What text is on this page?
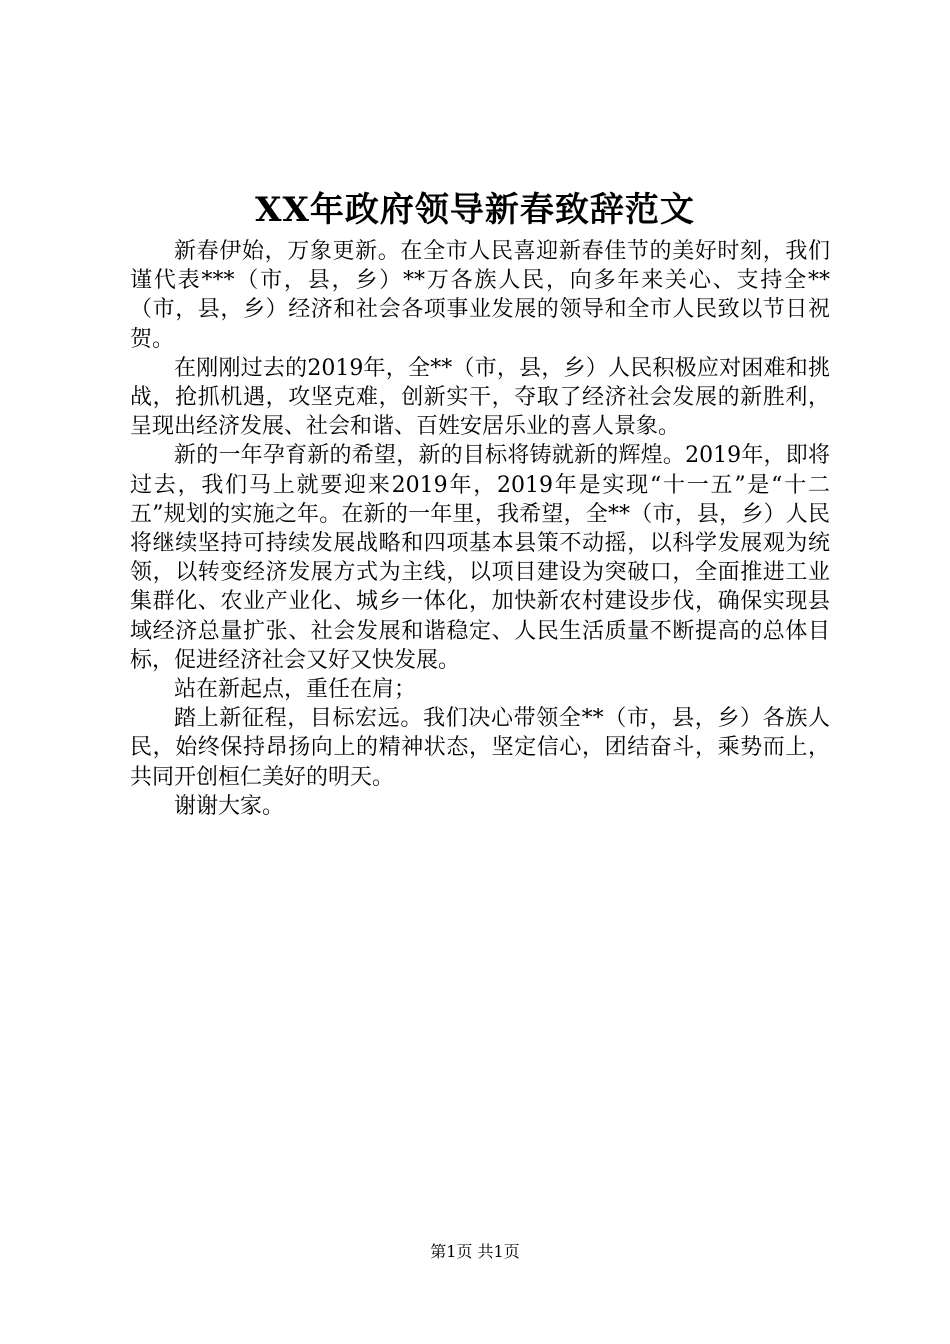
XX年政府领导新春致辞范文

新春伊始，万象更新。在全市人民喜迎新春佳节的美好时刻，我们谨代表***（市，县，乡）**万各族人民，向多年来关心、支持全**（市，县，乡）经济和社会各项事业发展的领导和全市人民致以节日祝贺。

在刚刚过去的2019年，全**（市，县，乡）人民积极应对困难和挑战，抢抓机遇，攻坚克难，创新实干，夺取了经济社会发展的新胜利，呈现出经济发展、社会和谐、百姓安居乐业的喜人景象。

新的一年孕育新的希望，新的目标将铸就新的辉煌。2019年，即将过去，我们马上就要迎来2019年，2019年是实现“十一五”是“十二五”规划的实施之年。在新的一年里，我希望，全**（市，县，乡）人民将继续坚持可持续发展战略和四项基本县策不动摇，以科学发展观为统领，以转变经济发展方式为主线，以项目建设为突破口，全面推进工业集群化、农业产业化、城乡一体化，加快新农村建设步伐，确保实现县域经济总量扩张、社会发展和谐稳定、人民生活质量不断提高的总体目标，促进经济社会又好又快发展。

站在新起点，重任在肩；

踏上新征程，目标宏远。我们决心带领全**（市，县，乡）各族人民，始终保持昂扬向上的精神状态，坚定信心，团结奋斗，乘势而上，共同开创桓仁美好的明天。

谢谢大家。

第1页 共1页
